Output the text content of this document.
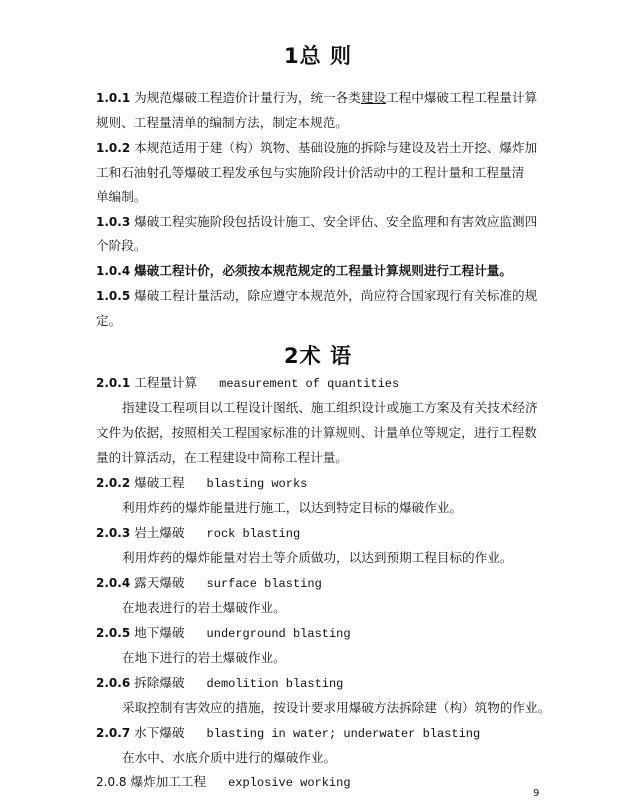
1总 则
1.0.1 为规范爆破工程造价计量行为，统一各类建设工程中爆破工程工程量计算
规则、工程量清单的编制方法，制定本规范。
1.0.2 本规范适用于建（构）筑物、基础设施的拆除与建设及岩土开挖、爆炸加
工和石油射孔等爆破工程发承包与实施阶段计价活动中的工程计量和工程量清
单编制。
1.0.3 爆破工程实施阶段包括设计施工、安全评估、安全监理和有害效应监测四
个阶段。
1.0.4 爆破工程计价，必须按本规范规定的工程量计算规则进行工程计量。
1.0.5 爆破工程计量活动，除应遵守本规范外，尚应符合国家现行有关标准的规
定。
2术 语
2.0.1 工程量计算 measurement of quantities
指建设工程项目以工程设计图纸、施工组织设计或施工方案及有关技术经济
文件为依据，按照相关工程国家标准的计算规则、计量单位等规定，进行工程数
量的计算活动，在工程建设中简称工程计量。
2.0.2 爆破工程 blasting works
利用炸药的爆炸能量进行施工，以达到特定目标的爆破作业。
2.0.3 岩土爆破 rock blasting
利用炸药的爆炸能量对岩土等介质做功，以达到预期工程目标的作业。
2.0.4 露天爆破 surface blasting
在地表进行的岩土爆破作业。
2.0.5 地下爆破 underground blasting
在地下进行的岩土爆破作业。
2.0.6 拆除爆破 demolition blasting
采取控制有害效应的措施，按设计要求用爆破方法拆除建（构）筑物的作业。
2.0.7 水下爆破 blasting in water; underwater blasting
在水中、水底介质中进行的爆破作业。
2.0.8 爆炸加工工程 explosive working
9
